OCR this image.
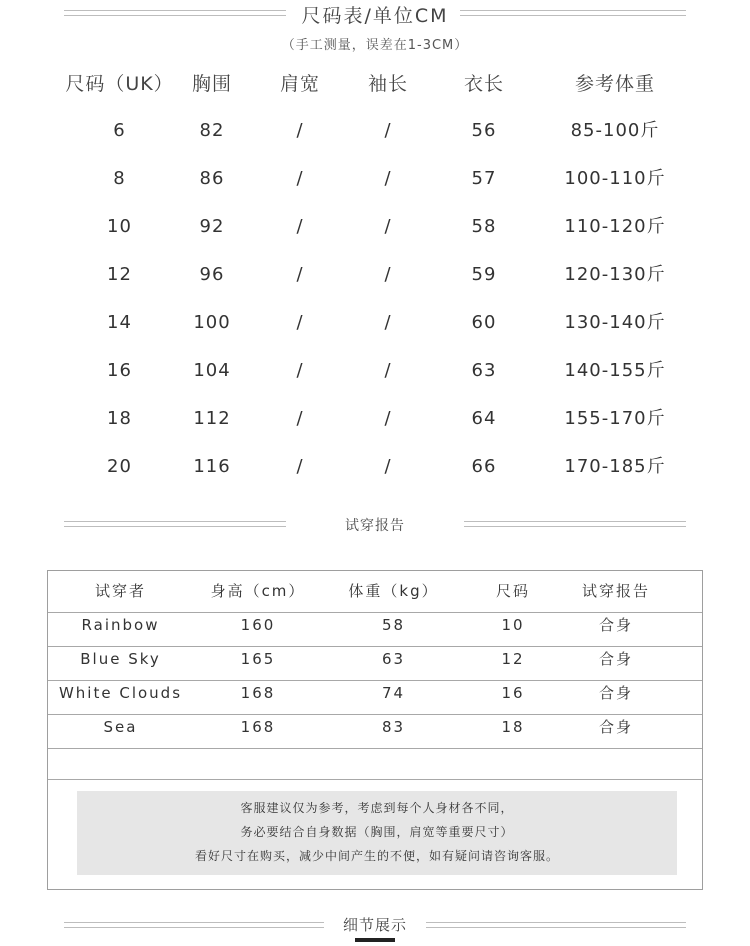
尺码表/单位CM
（手工测量，误差在1-3CM）
尺码（UK） 胸围	肩宽	袖长	衣长	参考体重
6	82	/	/	56	85-100斤
8	86	/	/	57	100-110斤
10	92	/	/	58	110-120斤
12	96	/	/	59	120-130斤
14	100	/	/	60	130-140斤
16	104	/	/	63	140-155斤
18	112	/	/	64	155-170斤
20	116	/	/	66	170-185斤
试穿报告
试穿者	身高（cm）	体重（kg）	尺码	试穿报告
Rainbow	160	58	10	合身
Blue Sky	165	63	12	合身
White Clouds	168	74	16	合身
Sea	168	83	18	合身
客服建议仅为参考，考虑到每个人身材各不同，
务必要结合自身数据（胸围，肩宽等重要尺寸）
看好尺寸在购买，减少中间产生的不便，如有疑问请咨询客服。
细节展示
